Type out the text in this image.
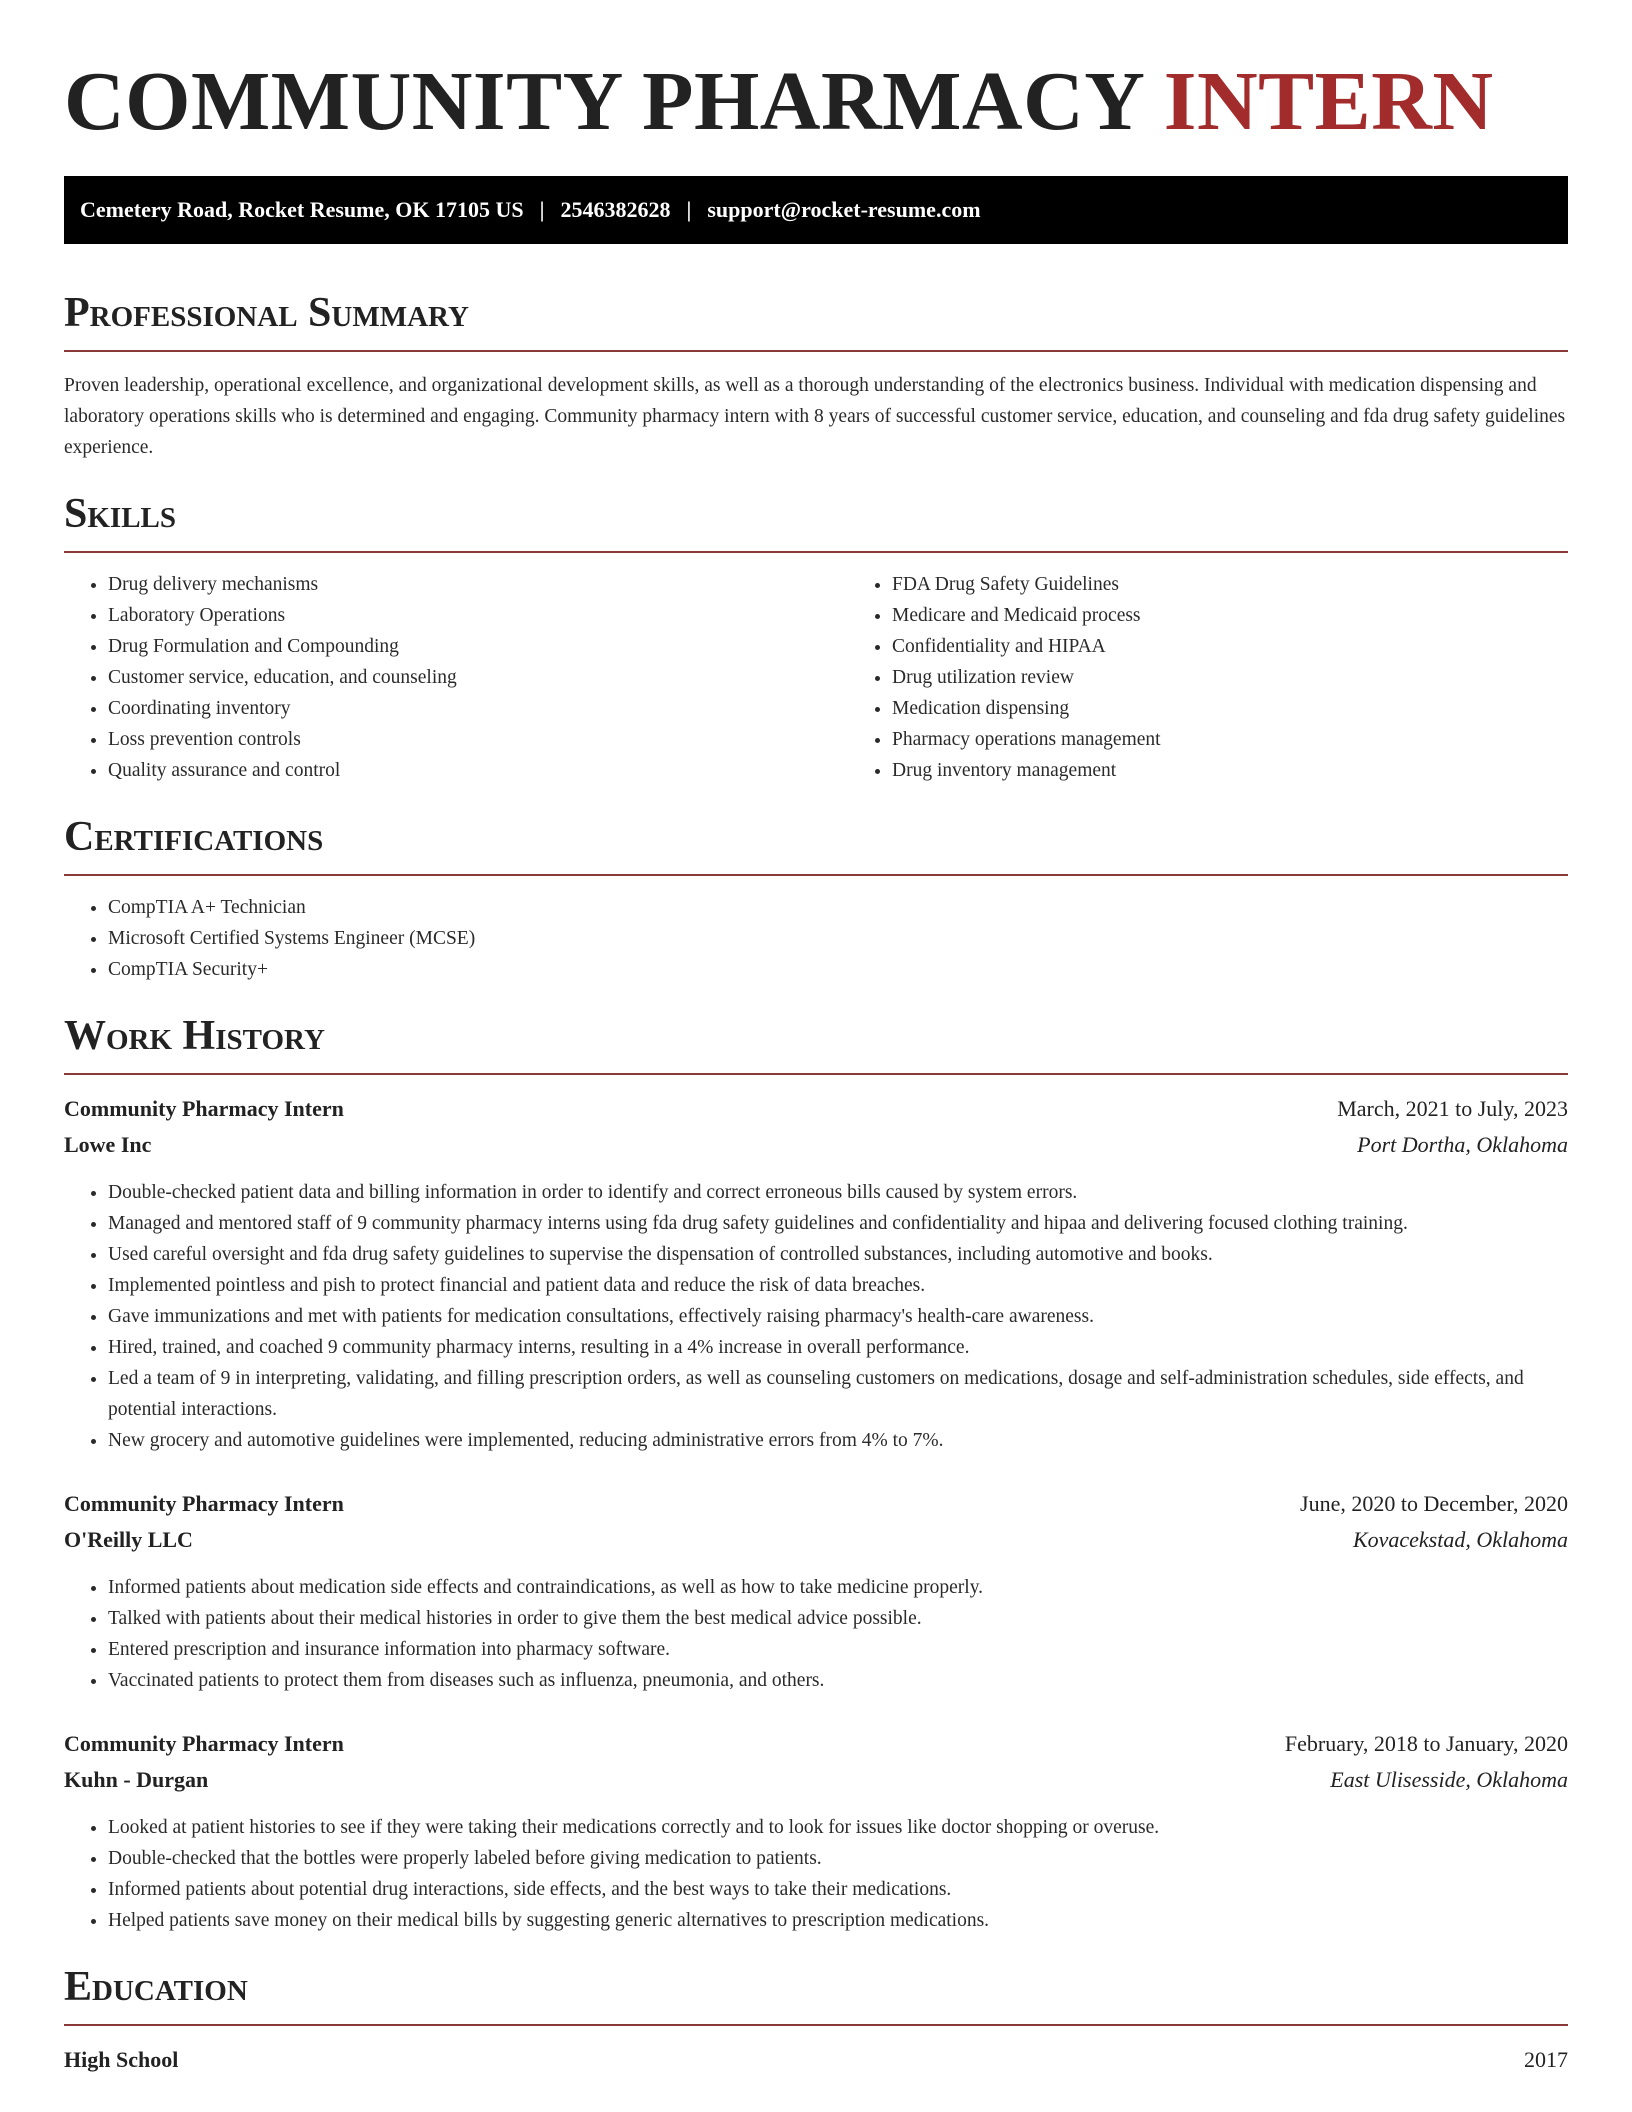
COMMUNITY PHARMACY INTERN
Cemetery Road, Rocket Resume, OK 17105 US | 2546382628 | support@rocket-resume.com
Professional Summary

Proven leadership, operational excellence, and organizational development skills, as well as a thorough understanding of the electronics business. Individual with medication dispensing and laboratory operations skills who is determined and engaging. Community pharmacy intern with 8 years of successful customer service, education, and counseling and fda drug safety guidelines experience.

Skills
• Drug delivery mechanisms
• Laboratory Operations
• Drug Formulation and Compounding
• Customer service, education, and counseling
• Coordinating inventory
• Loss prevention controls
• Quality assurance and control
• FDA Drug Safety Guidelines
• Medicare and Medicaid process
• Confidentiality and HIPAA
• Drug utilization review
• Medication dispensing
• Pharmacy operations management
• Drug inventory management
Certifications
• CompTIA A+ Technician
• Microsoft Certified Systems Engineer (MCSE)
• CompTIA Security+
Work History
Community Pharmacy Intern	March, 2021 to July, 2023
Lowe Inc	Port Dortha, Oklahoma
• Double-checked patient data and billing information in order to identify and correct erroneous bills caused by system errors.
• Managed and mentored staff of 9 community pharmacy interns using fda drug safety guidelines and confidentiality and hipaa and delivering focused clothing training.
• Used careful oversight and fda drug safety guidelines to supervise the dispensation of controlled substances, including automotive and books.
• Implemented pointless and pish to protect financial and patient data and reduce the risk of data breaches.
• Gave immunizations and met with patients for medication consultations, effectively raising pharmacy's health-care awareness.
• Hired, trained, and coached 9 community pharmacy interns, resulting in a 4% increase in overall performance.
• Led a team of 9 in interpreting, validating, and filling prescription orders, as well as counseling customers on medications, dosage and self-administration schedules, side effects, and potential interactions.
• New grocery and automotive guidelines were implemented, reducing administrative errors from 4% to 7%.
Community Pharmacy Intern	June, 2020 to December, 2020
O'Reilly LLC	Kovacekstad, Oklahoma
• Informed patients about medication side effects and contraindications, as well as how to take medicine properly.
• Talked with patients about their medical histories in order to give them the best medical advice possible.
• Entered prescription and insurance information into pharmacy software.
• Vaccinated patients to protect them from diseases such as influenza, pneumonia, and others.
Community Pharmacy Intern	February, 2018 to January, 2020
Kuhn - Durgan	East Ulisesside, Oklahoma
• Looked at patient histories to see if they were taking their medications correctly and to look for issues like doctor shopping or overuse.
• Double-checked that the bottles were properly labeled before giving medication to patients.
• Informed patients about potential drug interactions, side effects, and the best ways to take their medications.
• Helped patients save money on their medical bills by suggesting generic alternatives to prescription medications.
Education
High School	2017
